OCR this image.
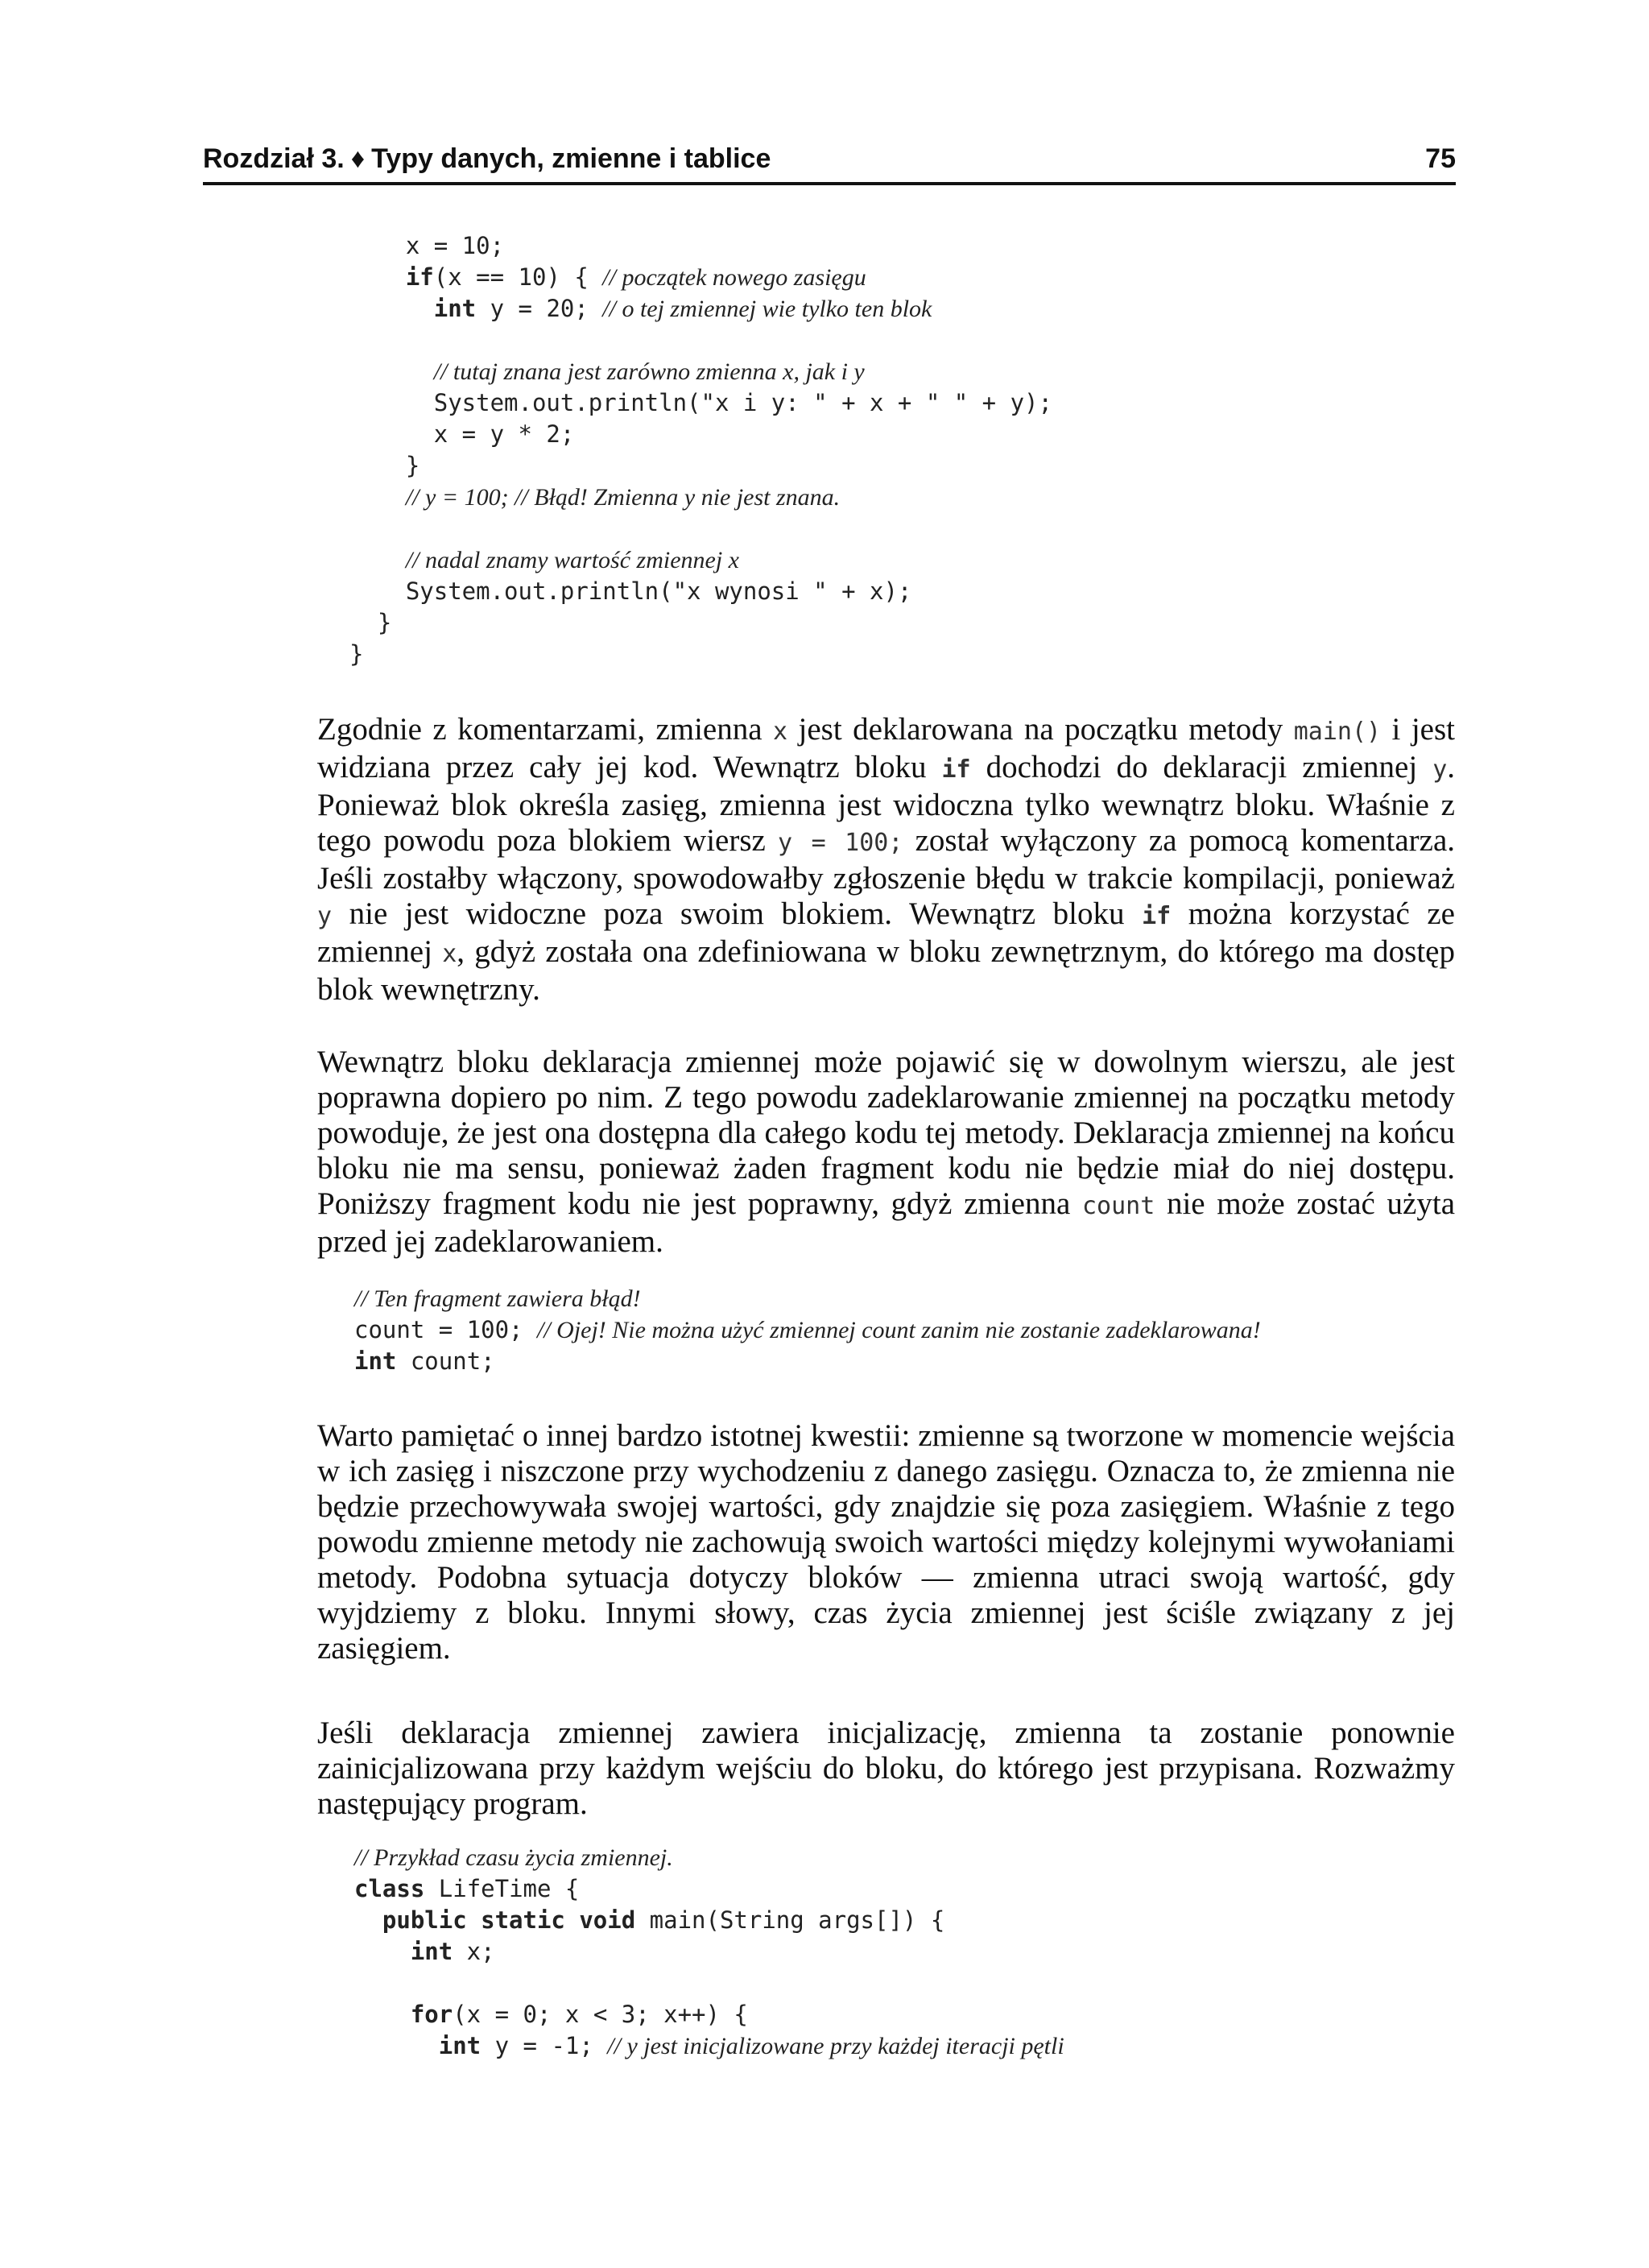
Rozdział 3. ♦ Typy danych, zmienne i tablice	75
x = 10;
if(x == 10) { // początek nowego zasięgu
int y = 20; // o tej zmiennej wie tylko ten blok
// tutaj znana jest zarówno zmienna x, jak i y
System.out.println("x i y: " + x + " " + y);
x = y * 2;
}
// y = 100; // Błąd! Zmienna y nie jest znana.
// nadal znamy wartość zmiennej x
System.out.println("x wynosi " + x);
}
}

Zgodnie z komentarzami, zmienna x jest deklarowana na początku metody main() i jest widziana przez cały jej kod. Wewnątrz bloku if dochodzi do deklaracji zmiennej y. Ponieważ blok określa zasięg, zmienna jest widoczna tylko wewnątrz bloku. Właśnie z tego powodu poza blokiem wiersz y = 100; został wyłączony za pomocą komentarza. Jeśli zostałby włączony, spowodowałby zgłoszenie błędu w trakcie kompilacji, ponieważ y nie jest widoczne poza swoim blokiem. Wewnątrz bloku if można korzystać ze zmiennej x, gdyż została ona zdefiniowana w bloku zewnętrznym, do którego ma dostęp blok wewnętrzny.

Wewnątrz bloku deklaracja zmiennej może pojawić się w dowolnym wierszu, ale jest poprawna dopiero po nim. Z tego powodu zadeklarowanie zmiennej na początku metody powoduje, że jest ona dostępna dla całego kodu tej metody. Deklaracja zmiennej na końcu bloku nie ma sensu, ponieważ żaden fragment kodu nie będzie miał do niej dostępu. Poniższy fragment kodu nie jest poprawny, gdyż zmienna count nie może zostać użyta przed jej zadeklarowaniem.

// Ten fragment zawiera błąd!
count = 100; // Ojej! Nie można użyć zmiennej count zanim nie zostanie zadeklarowana!
int count;

Warto pamiętać o innej bardzo istotnej kwestii: zmienne są tworzone w momencie wejścia w ich zasięg i niszczone przy wychodzeniu z danego zasięgu. Oznacza to, że zmienna nie będzie przechowywała swojej wartości, gdy znajdzie się poza zasięgiem. Właśnie z tego powodu zmienne metody nie zachowują swoich wartości między kolejnymi wywołaniami metody. Podobna sytuacja dotyczy bloków — zmienna utraci swoją wartość, gdy wyjdziemy z bloku. Innymi słowy, czas życia zmiennej jest ściśle związany z jej zasięgiem.

Jeśli deklaracja zmiennej zawiera inicjalizację, zmienna ta zostanie ponownie zainicjalizowana przy każdym wejściu do bloku, do którego jest przypisana. Rozważmy następujący program.

// Przykład czasu życia zmiennej.
class LifeTime {
public static void main(String args[]) {
int x;
for(x = 0; x < 3; x++) {
int y = -1; // y jest inicjalizowane przy każdej iteracji pętli
